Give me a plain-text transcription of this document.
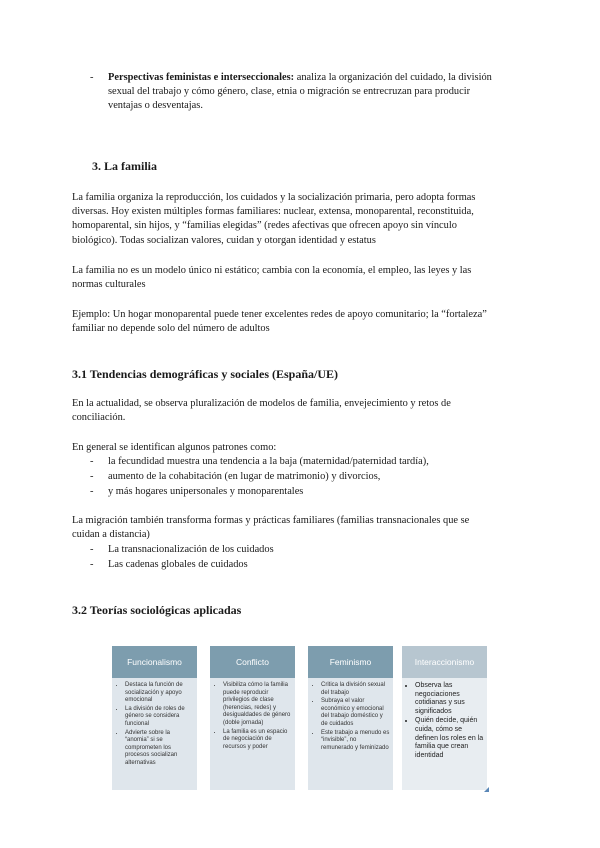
- Perspectivas feministas e interseccionales: analiza la organización del cuidado, la división
sexual del trabajo y cómo género, clase, etnia o migración se entrecruzan para producir
ventajas o desventajas.
3. La familia
La familia organiza la reproducción, los cuidados y la socialización primaria, pero adopta formas
diversas. Hoy existen múltiples formas familiares: nuclear, extensa, monoparental, reconstituida,
homoparental, sin hijos, y “familias elegidas” (redes afectivas que ofrecen apoyo sin vínculo
biológico). Todas socializan valores, cuidan y otorgan identidad y estatus
La familia no es un modelo único ni estático; cambia con la economía, el empleo, las leyes y las
normas culturales
Ejemplo: Un hogar monoparental puede tener excelentes redes de apoyo comunitario; la “fortaleza”
familiar no depende solo del número de adultos
3.1 Tendencias demográficas y sociales (España/UE)
En la actualidad, se observa pluralización de modelos de familia, envejecimiento y retos de
conciliación.
En general se identifican algunos patrones como:
- la fecundidad muestra una tendencia a la baja (maternidad/paternidad tardía),
- aumento de la cohabitación (en lugar de matrimonio) y divorcios,
- y más hogares unipersonales y monoparentales
La migración también transforma formas y prácticas familiares (familias transnacionales que se
cuidan a distancia)
- La transnacionalización de los cuidados
- Las cadenas globales de cuidados
3.2 Teorías sociológicas aplicadas
Funcionalismo
• Destaca la función de socialización y apoyo emocional
• La división de roles de género se considera funcional
• Advierte sobre la “anomia” si se comprometen los procesos socializan alternativas
Conflicto
• Visibiliza cómo la familia puede reproducir privilegios de clase (herencias, redes) y desigualdades de género (doble jornada)
• La familia es un espacio de negociación de recursos y poder
Feminismo
• Critica la división sexual del trabajo
• Subraya el valor económico y emocional del trabajo doméstico y de cuidados
• Este trabajo a menudo es “invisible”, no remunerado y feminizado
Interaccionismo
• Observa las negociaciones cotidianas y sus significados
• Quién decide, quién cuida, cómo se definen los roles en la familia que crean identidad
